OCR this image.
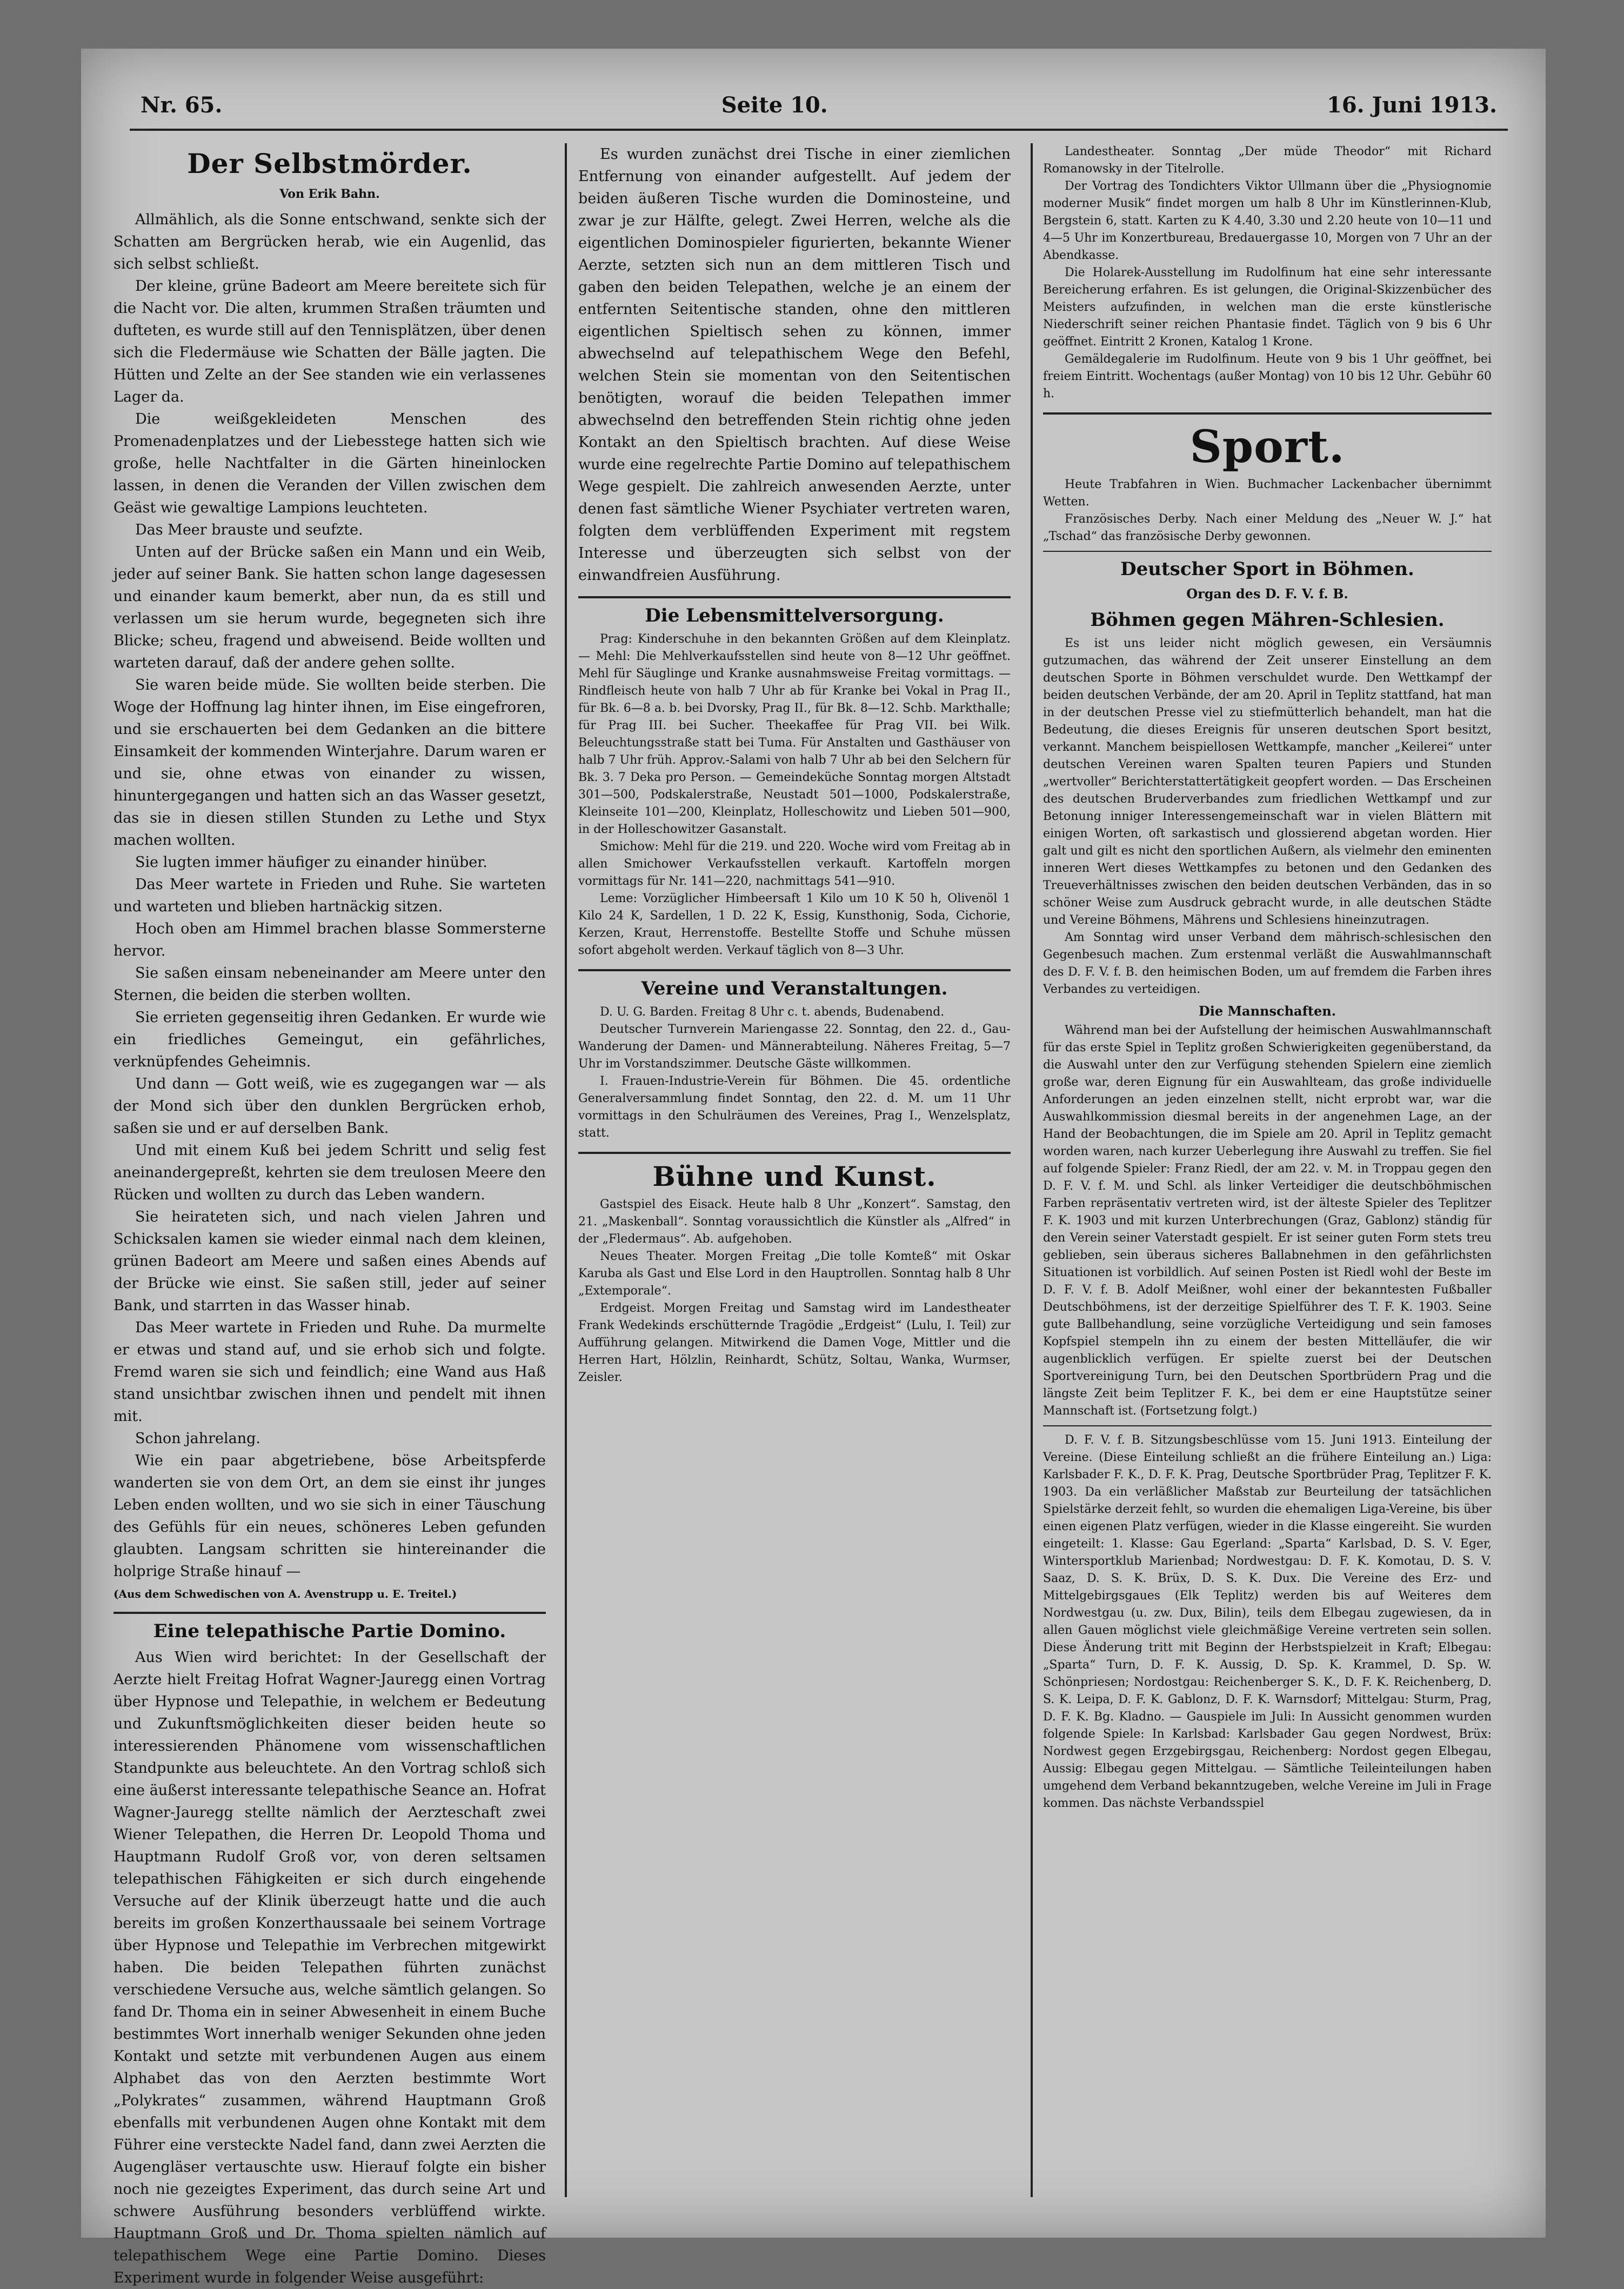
Nr. 65.	Seite 10.	16. Juni 1913.
Der Selbstmörder.
Von Erik Bahn.

Allmählich, als die Sonne entschwand, senkte sich der Schatten am Bergrücken herab, wie ein Augenlid, das sich selbst schließt.

Der kleine, grüne Badeort am Meere bereitete sich für die Nacht vor. Die alten, krummen Straßen träumten und dufteten, es wurde still auf den Tennisplätzen, über denen sich die Fledermäuse wie Schatten der Bälle jagten. Die Hütten und Zelte an der See standen wie ein verlassenes Lager da.

Die weißgekleideten Menschen des Promenadenplatzes und der Liebesstege hatten sich wie große, helle Nachtfalter in die Gärten hineinlocken lassen, in denen die Veranden der Villen zwischen dem Geäst wie gewaltige Lampions leuchteten.

Das Meer brauste und seufzte.

Unten auf der Brücke saßen ein Mann und ein Weib, jeder auf seiner Bank. Sie hatten schon lange dagesessen und einander kaum bemerkt, aber nun, da es still und verlassen um sie herum wurde, begegneten sich ihre Blicke; scheu, fragend und abweisend. Beide wollten und warteten darauf, daß der andere gehen sollte.

Sie waren beide müde. Sie wollten beide sterben. Die Woge der Hoffnung lag hinter ihnen, im Eise eingefroren, und sie erschauerten bei dem Gedanken an die bittere Einsamkeit der kommenden Winterjahre. Darum waren er und sie, ohne etwas von einander zu wissen, hinuntergegangen und hatten sich an das Wasser gesetzt, das sie in diesen stillen Stunden zu Lethe und Styx machen wollten.

Sie lugten immer häufiger zu einander hinüber.

Das Meer wartete in Frieden und Ruhe. Sie warteten und warteten und blieben hartnäckig sitzen.

Hoch oben am Himmel brachen blasse Sommersterne hervor.

Sie saßen einsam nebeneinander am Meere unter den Sternen, die beiden die sterben wollten.

Sie errieten gegenseitig ihren Gedanken. Er wurde wie ein friedliches Gemeingut, ein gefährliches, verknüpfendes Geheimnis.

Und dann — Gott weiß, wie es zugegangen war — als der Mond sich über den dunklen Bergrücken erhob, saßen sie und er auf derselben Bank.

Und mit einem Kuß bei jedem Schritt und selig fest aneinandergepreßt, kehrten sie dem treulosen Meere den Rücken und wollten zu durch das Leben wandern.

Sie heirateten sich, und nach vielen Jahren und Schicksalen kamen sie wieder einmal nach dem kleinen, grünen Badeort am Meere und saßen eines Abends auf der Brücke wie einst. Sie saßen still, jeder auf seiner Bank, und starrten in das Wasser hinab.

Das Meer wartete in Frieden und Ruhe. Da murmelte er etwas und stand auf, und sie erhob sich und folgte. Fremd waren sie sich und feindlich; eine Wand aus Haß stand unsichtbar zwischen ihnen und pendelt mit ihnen mit.

Schon jahrelang.

Wie ein paar abgetriebene, böse Arbeitspferde wanderten sie von dem Ort, an dem sie einst ihr junges Leben enden wollten, und wo sie sich in einer Täuschung des Gefühls für ein neues, schöneres Leben gefunden glaubten. Langsam schritten sie hintereinander die holprige Straße hinauf —

(Aus dem Schwedischen von A. Avenstrupp u. E. Treitel.)
Eine telepathische Partie Domino.

Aus Wien wird berichtet: In der Gesellschaft der Aerzte hielt Freitag Hofrat Wagner-Jauregg einen Vortrag über Hypnose und Telepathie, in welchem er Bedeutung und Zukunftsmöglichkeiten dieser beiden heute so interessierenden Phänomene vom wissenschaftlichen Standpunkte aus beleuchtete. An den Vortrag schloß sich eine äußerst interessante telepathische Seance an. Hofrat Wagner-Jauregg stellte nämlich der Aerzteschaft zwei Wiener Telepathen, die Herren Dr. Leopold Thoma und Hauptmann Rudolf Groß vor, von deren seltsamen telepathischen Fähigkeiten er sich durch eingehende Versuche auf der Klinik überzeugt hatte und die auch bereits im großen Konzerthaussaale bei seinem Vortrage über Hypnose und Telepathie im Verbrechen mitgewirkt haben. Die beiden Telepathen führten zunächst verschiedene Versuche aus, welche sämtlich gelangen. So fand Dr. Thoma ein in seiner Abwesenheit in einem Buche bestimmtes Wort innerhalb weniger Sekunden ohne jeden Kontakt und setzte mit verbundenen Augen aus einem Alphabet das von den Aerzten bestimmte Wort „Polykrates“ zusammen, während Hauptmann Groß ebenfalls mit verbundenen Augen ohne Kontakt mit dem Führer eine versteckte Nadel fand, dann zwei Aerzten die Augengläser vertauschte usw. Hierauf folgte ein bisher noch nie gezeigtes Experiment, das durch seine Art und schwere Ausführung besonders verblüffend wirkte. Hauptmann Groß und Dr. Thoma spielten nämlich auf telepathischem Wege eine Partie Domino. Dieses Experiment wurde in folgender Weise ausgeführt:

Es wurden zunächst drei Tische in einer ziemlichen Entfernung von einander aufgestellt. Auf jedem der beiden äußeren Tische wurden die Dominosteine, und zwar je zur Hälfte, gelegt. Zwei Herren, welche als die eigentlichen Dominospieler figurierten, bekannte Wiener Aerzte, setzten sich nun an dem mittleren Tisch und gaben den beiden Telepathen, welche je an einem der entfernten Seitentische standen, ohne den mittleren eigentlichen Spieltisch sehen zu können, immer abwechselnd auf telepathischem Wege den Befehl, welchen Stein sie momentan von den Seitentischen benötigten, worauf die beiden Telepathen immer abwechselnd den betreffenden Stein richtig ohne jeden Kontakt an den Spieltisch brachten. Auf diese Weise wurde eine regelrechte Partie Domino auf telepathischem Wege gespielt. Die zahlreich anwesenden Aerzte, unter denen fast sämtliche Wiener Psychiater vertreten waren, folgten dem verblüffenden Experiment mit regstem Interesse und überzeugten sich selbst von der einwandfreien Ausführung.

Die Lebensmittelversorgung.

Prag: Kinderschuhe in den bekannten Größen auf dem Kleinplatz. — Mehl: Die Mehlverkaufsstellen sind heute von 8—12 Uhr geöffnet. Mehl für Säuglinge und Kranke ausnahmsweise Freitag vormittags. — Rindfleisch heute von halb 7 Uhr ab für Kranke bei Vokal in Prag II., für Bk. 6—8 a. b. bei Dvorsky, Prag II., für Bk. 8—12. Schb. Markthalle; für Prag III. bei Sucher. Theekaffee für Prag VII. bei Wilk. Beleuchtungsstraße statt bei Tuma. Für Anstalten und Gasthäuser von halb 7 Uhr früh. Approv.-Salami von halb 7 Uhr ab bei den Selchern für Bk. 3. 7 Deka pro Person. — Gemeindeküche Sonntag morgen Altstadt 301—500, Podskalerstraße, Neustadt 501—1000, Podskalerstraße, Kleinseite 101—200, Kleinplatz, Holleschowitz und Lieben 501—900, in der Holleschowitzer Gasanstalt.

Smichow: Mehl für die 219. und 220. Woche wird vom Freitag ab in allen Smichower Verkaufsstellen verkauft. Kartoffeln morgen vormittags für Nr. 141—220, nachmittags 541—910.

Leme: Vorzüglicher Himbeersaft 1 Kilo um 10 K 50 h, Olivenöl 1 Kilo 24 K, Sardellen, 1 D. 22 K, Essig, Kunsthonig, Soda, Cichorie, Kerzen, Kraut, Herrenstoffe. Bestellte Stoffe und Schuhe müssen sofort abgeholt werden. Verkauf täglich von 8—3 Uhr.

Vereine und Veranstaltungen.

D. U. G. Barden. Freitag 8 Uhr c. t. abends, Budenabend.

Deutscher Turnverein Mariengasse 22. Sonntag, den 22. d., Gau-Wanderung der Damen- und Männerabteilung. Näheres Freitag, 5—7 Uhr im Vorstandszimmer. Deutsche Gäste willkommen.

I. Frauen-Industrie-Verein für Böhmen. Die 45. ordentliche Generalversammlung findet Sonntag, den 22. d. M. um 11 Uhr vormittags in den Schulräumen des Vereines, Prag I., Wenzelsplatz, statt.

Bühne und Kunst.

Gastspiel des Eisack. Heute halb 8 Uhr „Konzert“. Samstag, den 21. „Maskenball“. Sonntag voraussichtlich die Künstler als „Alfred“ in der „Fledermaus“. Ab. aufgehoben.

Neues Theater. Morgen Freitag „Die tolle Komteß“ mit Oskar Karuba als Gast und Else Lord in den Hauptrollen. Sonntag halb 8 Uhr „Extemporale“.

Erdgeist. Morgen Freitag und Samstag wird im Landestheater Frank Wedekinds erschütternde Tragödie „Erdgeist“ (Lulu, I. Teil) zur Aufführung gelangen. Mitwirkend die Damen Voge, Mittler und die Herren Hart, Hölzlin, Reinhardt, Schütz, Soltau, Wanka, Wurmser, Zeisler.

Landestheater. Sonntag „Der müde Theodor“ mit Richard Romanowsky in der Titelrolle.

Der Vortrag des Tondichters Viktor Ullmann über die „Physiognomie moderner Musik“ findet morgen um halb 8 Uhr im Künstlerinnen-Klub, Bergstein 6, statt. Karten zu K 4.40, 3.30 und 2.20 heute von 10—11 und 4—5 Uhr im Konzertbureau, Bredauergasse 10, Morgen von 7 Uhr an der Abendkasse.

Die Holarek-Ausstellung im Rudolfinum hat eine sehr interessante Bereicherung erfahren. Es ist gelungen, die Original-Skizzenbücher des Meisters aufzufinden, in welchen man die erste künstlerische Niederschrift seiner reichen Phantasie findet. Täglich von 9 bis 6 Uhr geöffnet. Eintritt 2 Kronen, Katalog 1 Krone.

Gemäldegalerie im Rudolfinum. Heute von 9 bis 1 Uhr geöffnet, bei freiem Eintritt. Wochentags (außer Montag) von 10 bis 12 Uhr. Gebühr 60 h.

Sport.

Heute Trabfahren in Wien. Buchmacher Lackenbacher übernimmt Wetten.

Französisches Derby. Nach einer Meldung des „Neuer W. J.“ hat „Tschad“ das französische Derby gewonnen.

Deutscher Sport in Böhmen.
Organ des D. F. V. f. B.
Böhmen gegen Mähren-Schlesien.

Es ist uns leider nicht möglich gewesen, ein Versäumnis gutzumachen, das während der Zeit unserer Einstellung an dem deutschen Sporte in Böhmen verschuldet wurde. Den Wettkampf der beiden deutschen Verbände, der am 20. April in Teplitz stattfand, hat man in der deutschen Presse viel zu stiefmütterlich behandelt, man hat die Bedeutung, die dieses Ereignis für unseren deutschen Sport besitzt, verkannt. Manchem beispiellosen Wettkampfe, mancher „Keilerei“ unter deutschen Vereinen waren Spalten teuren Papiers und Stunden „wertvoller“ Berichterstattertätigkeit geopfert worden. — Das Erscheinen des deutschen Bruderverbandes zum friedlichen Wettkampf und zur Betonung inniger Interessengemeinschaft war in vielen Blättern mit einigen Worten, oft sarkastisch und glossierend abgetan worden. Hier galt und gilt es nicht den sportlichen Außern, als vielmehr den eminenten inneren Wert dieses Wettkampfes zu betonen und den Gedanken des Treueverhältnisses zwischen den beiden deutschen Verbänden, das in so schöner Weise zum Ausdruck gebracht wurde, in alle deutschen Städte und Vereine Böhmens, Mährens und Schlesiens hineinzutragen.

Am Sonntag wird unser Verband dem mährisch-schlesischen den Gegenbesuch machen. Zum erstenmal verläßt die Auswahlmannschaft des D. F. V. f. B. den heimischen Boden, um auf fremdem die Farben ihres Verbandes zu verteidigen.

Die Mannschaften.

Während man bei der Aufstellung der heimischen Auswahlmannschaft für das erste Spiel in Teplitz großen Schwierigkeiten gegenüberstand, da die Auswahl unter den zur Verfügung stehenden Spielern eine ziemlich große war, deren Eignung für ein Auswahlteam, das große individuelle Anforderungen an jeden einzelnen stellt, nicht erprobt war, war die Auswahlkommission diesmal bereits in der angenehmen Lage, an der Hand der Beobachtungen, die im Spiele am 20. April in Teplitz gemacht worden waren, nach kurzer Ueberlegung ihre Auswahl zu treffen. Sie fiel auf folgende Spieler: Franz Riedl, der am 22. v. M. in Troppau gegen den D. F. V. f. M. und Schl. als linker Verteidiger die deutschböhmischen Farben repräsentativ vertreten wird, ist der älteste Spieler des Teplitzer F. K. 1903 und mit kurzen Unterbrechungen (Graz, Gablonz) ständig für den Verein seiner Vaterstadt gespielt. Er ist seiner guten Form stets treu geblieben, sein überaus sicheres Ballabnehmen in den gefährlichsten Situationen ist vorbildlich. Auf seinen Posten ist Riedl wohl der Beste im D. F. V. f. B. Adolf Meißner, wohl einer der bekanntesten Fußballer Deutschböhmens, ist der derzeitige Spielführer des T. F. K. 1903. Seine gute Ballbehandlung, seine vorzügliche Verteidigung und sein famoses Kopfspiel stempeln ihn zu einem der besten Mittelläufer, die wir augenblicklich verfügen. Er spielte zuerst bei der Deutschen Sportvereinigung Turn, bei den Deutschen Sportbrüdern Prag und die längste Zeit beim Teplitzer F. K., bei dem er eine Hauptstütze seiner Mannschaft ist. (Fortsetzung folgt.)

D. F. V. f. B. Sitzungsbeschlüsse vom 15. Juni 1913. Einteilung der Vereine. (Diese Einteilung schließt an die frühere Einteilung an.) Liga: Karlsbader F. K., D. F. K. Prag, Deutsche Sportbrüder Prag, Teplitzer F. K. 1903. Da ein verläßlicher Maßstab zur Beurteilung der tatsächlichen Spielstärke derzeit fehlt, so wurden die ehemaligen Liga-Vereine, bis über einen eigenen Platz verfügen, wieder in die Klasse eingereiht. Sie wurden eingeteilt: 1. Klasse: Gau Egerland: „Sparta“ Karlsbad, D. S. V. Eger, Wintersportklub Marienbad; Nordwestgau: D. F. K. Komotau, D. S. V. Saaz, D. S. K. Brüx, D. S. K. Dux. Die Vereine des Erz- und Mittelgebirgsgaues (Elk Teplitz) werden bis auf Weiteres dem Nordwestgau (u. zw. Dux, Bilin), teils dem Elbegau zugewiesen, da in allen Gauen möglichst viele gleichmäßige Vereine vertreten sein sollen. Diese Änderung tritt mit Beginn der Herbstspielzeit in Kraft; Elbegau: „Sparta“ Turn, D. F. K. Aussig, D. Sp. K. Krammel, D. Sp. W. Schönpriesen; Nordostgau: Reichenberger S. K., D. F. K. Reichenberg, D. S. K. Leipa, D. F. K. Gablonz, D. F. K. Warnsdorf; Mittelgau: Sturm, Prag, D. F. K. Bg. Kladno. — Gauspiele im Juli: In Aussicht genommen wurden folgende Spiele: In Karlsbad: Karlsbader Gau gegen Nordwest, Brüx: Nordwest gegen Erzgebirgsgau, Reichenberg: Nordost gegen Elbegau, Aussig: Elbegau gegen Mittelgau. — Sämtliche Teileinteilungen haben umgehend dem Verband bekanntzugeben, welche Vereine im Juli in Frage kommen. Das nächste Verbandsspiel
